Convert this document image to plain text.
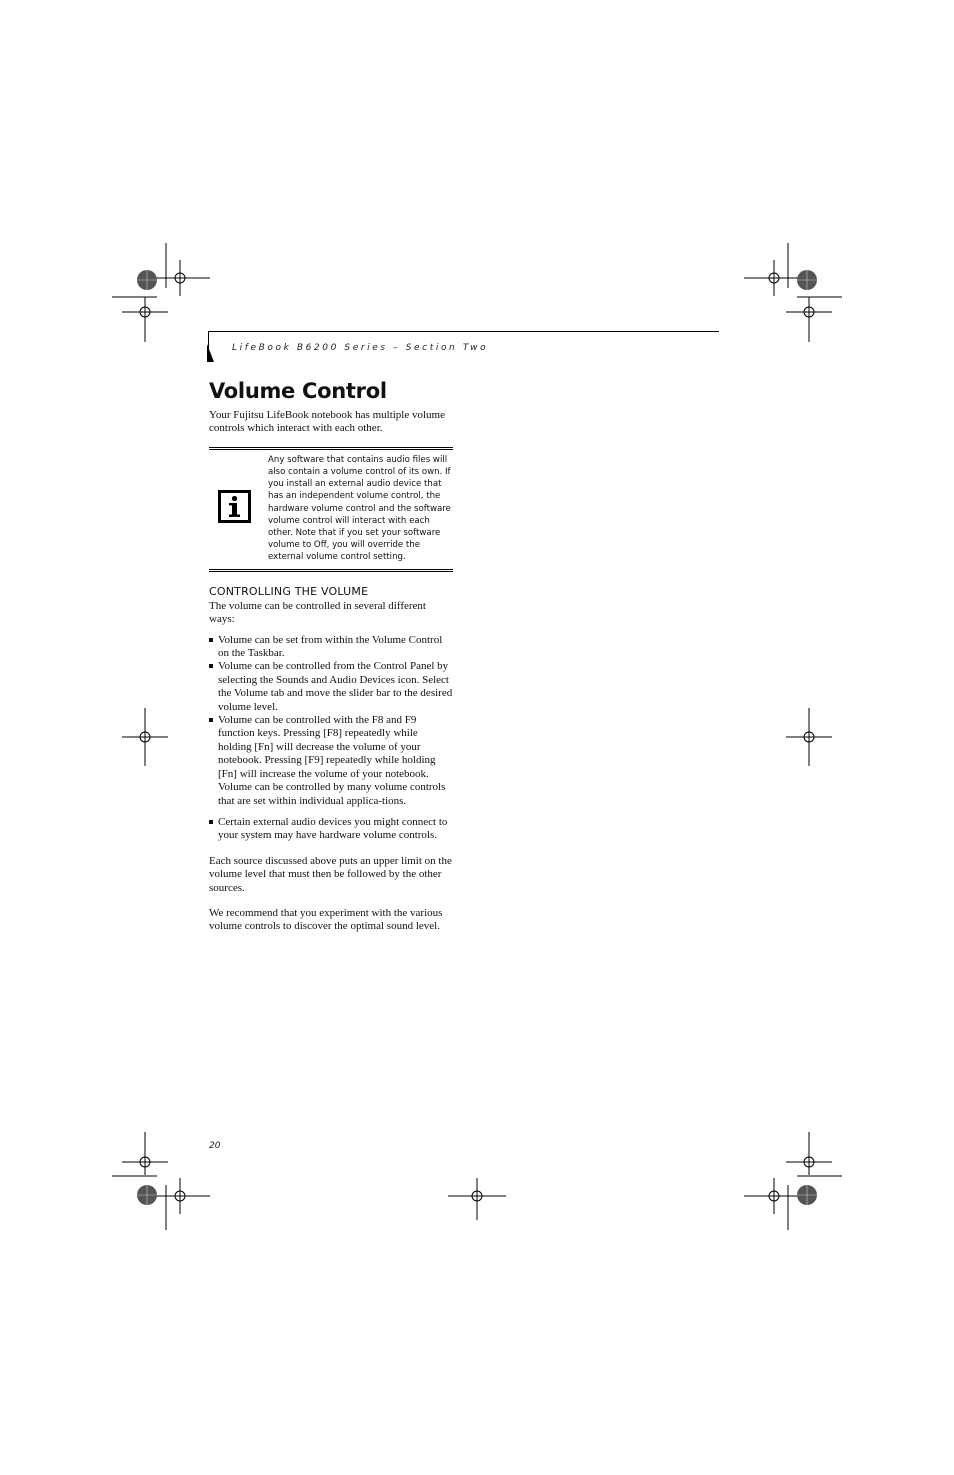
LifeBook B6200 Series – Section Two
Volume Control

Your Fujitsu LifeBook notebook has multiple volume controls which interact with each other.

Any software that contains audio files will also contain a volume control of its own. If you install an external audio device that has an independent volume control, the hardware volume control and the software volume control will interact with each other. Note that if you set your software volume to Off, you will override the external volume control setting.
CONTROLLING THE VOLUME

The volume can be controlled in several different ways:

Volume can be set from within the Volume Control on the Taskbar.
Volume can be controlled from the Control Panel by selecting the Sounds and Audio Devices icon. Select the Volume tab and move the slider bar to the desired volume level.
Volume can be controlled with the F8 and F9 function keys. Pressing [F8] repeatedly while holding [Fn] will decrease the volume of your notebook. Pressing [F9] repeatedly while holding [Fn] will increase the volume of your notebook. Volume can be controlled by many volume controls that are set within individual applica-tions.
Certain external audio devices you might connect to your system may have hardware volume controls.

Each source discussed above puts an upper limit on the volume level that must then be followed by the other sources.

We recommend that you experiment with the various volume controls to discover the optimal sound level.

20
